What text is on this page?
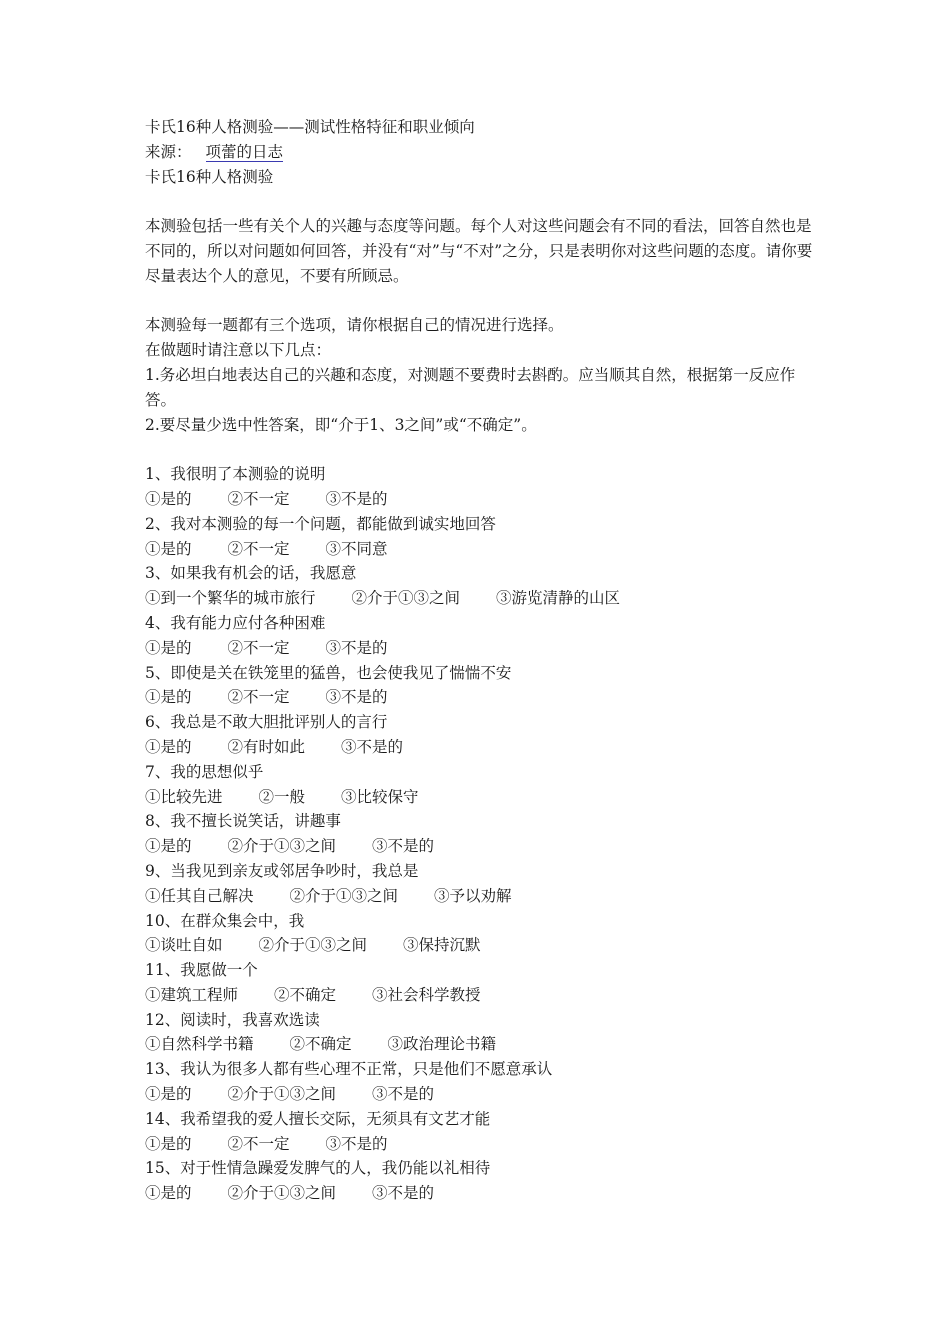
卡氏16种人格测验——测试性格特征和职业倾向
来源： 项蕾的日志
卡氏16种人格测验
本测验包括一些有关个人的兴趣与态度等问题。每个人对这些问题会有不同的看法，回答自然也是不同的，所以对问题如何回答，并没有“对”与“不对”之分，只是表明你对这些问题的态度。请你要尽量表达个人的意见，不要有所顾忌。
本测验每一题都有三个选项，请你根据自己的情况进行选择。
在做题时请注意以下几点：
1.务必坦白地表达自己的兴趣和态度，对测题不要费时去斟酌。应当顺其自然，根据第一反应作答。
2.要尽量少选中性答案，即“介于1、3之间”或“不确定”。
1、我很明了本测验的说明
①是的 ②不一定 ③不是的
2、我对本测验的每一个问题，都能做到诚实地回答
①是的 ②不一定 ③不同意
3、如果我有机会的话，我愿意
①到一个繁华的城市旅行 ②介于①③之间 ③游览清静的山区
4、我有能力应付各种困难
①是的 ②不一定 ③不是的
5、即使是关在铁笼里的猛兽，也会使我见了惴惴不安
①是的 ②不一定 ③不是的
6、我总是不敢大胆批评别人的言行
①是的 ②有时如此 ③不是的
7、我的思想似乎
①比较先进 ②一般 ③比较保守
8、我不擅长说笑话，讲趣事
①是的 ②介于①③之间 ③不是的
9、当我见到亲友或邻居争吵时，我总是
①任其自己解决 ②介于①③之间 ③予以劝解
10、在群众集会中，我
①谈吐自如 ②介于①③之间 ③保持沉默
11、我愿做一个
①建筑工程师 ②不确定 ③社会科学教授
12、阅读时，我喜欢选读
①自然科学书籍 ②不确定 ③政治理论书籍
13、我认为很多人都有些心理不正常，只是他们不愿意承认
①是的 ②介于①③之间 ③不是的
14、我希望我的爱人擅长交际，无须具有文艺才能
①是的 ②不一定 ③不是的
15、对于性情急躁爱发脾气的人，我仍能以礼相待
①是的 ②介于①③之间 ③不是的
